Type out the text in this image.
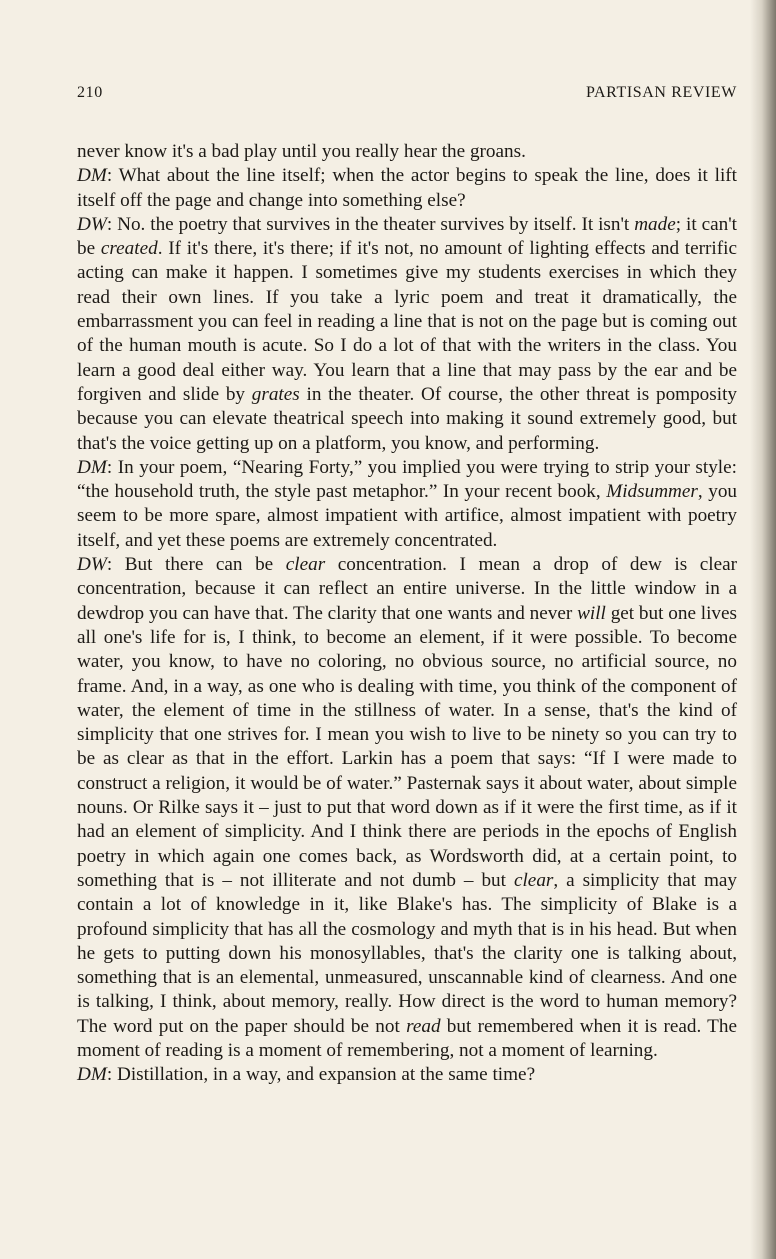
210	PARTISAN REVIEW

never know it's a bad play until you really hear the groans.

DM: What about the line itself; when the actor begins to speak the line, does it lift itself off the page and change into something else?

DW: No. the poetry that survives in the theater survives by itself. It isn't made; it can't be created. If it's there, it's there; if it's not, no amount of lighting effects and terrific acting can make it happen. I sometimes give my students exercises in which they read their own lines. If you take a lyric poem and treat it dramatically, the embarrassment you can feel in reading a line that is not on the page but is coming out of the human mouth is acute. So I do a lot of that with the writers in the class. You learn a good deal either way. You learn that a line that may pass by the ear and be forgiven and slide by grates in the theater. Of course, the other threat is pomposity because you can elevate theatrical speech into making it sound extremely good, but that's the voice getting up on a platform, you know, and performing.

DM: In your poem, “Nearing Forty,” you implied you were trying to strip your style: “the household truth, the style past metaphor.” In your recent book, Midsummer, you seem to be more spare, almost impatient with artifice, almost impatient with poetry itself, and yet these poems are extremely concentrated.

DW: But there can be clear concentration. I mean a drop of dew is clear concentration, because it can reflect an entire universe. In the little window in a dewdrop you can have that. The clarity that one wants and never will get but one lives all one's life for is, I think, to become an element, if it were possible. To become water, you know, to have no coloring, no obvious source, no artificial source, no frame. And, in a way, as one who is dealing with time, you think of the component of water, the element of time in the stillness of water. In a sense, that's the kind of simplicity that one strives for. I mean you wish to live to be ninety so you can try to be as clear as that in the effort. Larkin has a poem that says: “If I were made to construct a religion, it would be of water.” Pasternak says it about water, about simple nouns. Or Rilke says it – just to put that word down as if it were the first time, as if it had an element of simplicity. And I think there are periods in the epochs of English poetry in which again one comes back, as Wordsworth did, at a certain point, to something that is – not illiterate and not dumb – but clear, a simplicity that may contain a lot of knowledge in it, like Blake's has. The simplicity of Blake is a profound simplicity that has all the cosmology and myth that is in his head. But when he gets to putting down his monosyllables, that's the clarity one is talking about, something that is an elemental, unmeasured, unscannable kind of clearness. And one is talking, I think, about memory, really. How direct is the word to human memory? The word put on the paper should be not read but remembered when it is read. The moment of reading is a moment of remembering, not a moment of learning.

DM: Distillation, in a way, and expansion at the same time?
